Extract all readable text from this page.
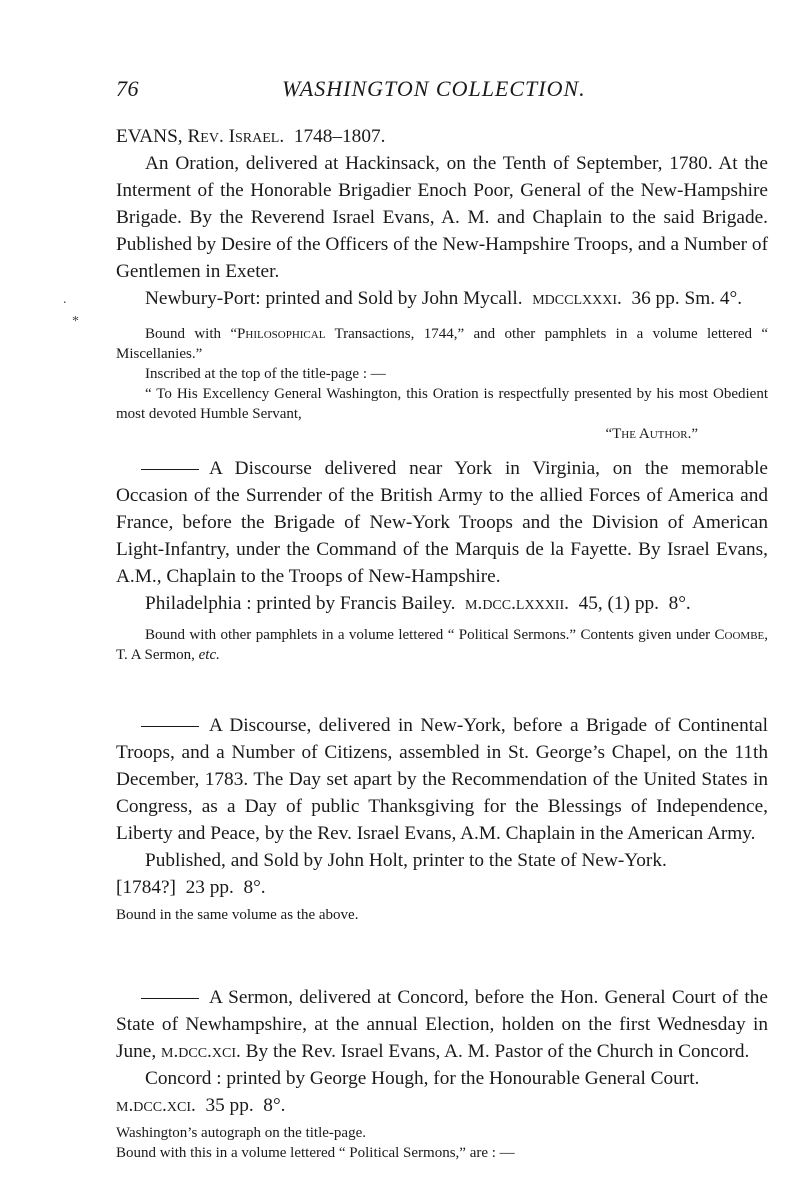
76	WASHINGTON COLLECTION.
.
*

EVANS, Rev. Israel. 1748–1807.

An Oration, delivered at Hackinsack, on the Tenth of September, 1780. At the Interment of the Honorable Brigadier Enoch Poor, General of the New-Hampshire Brigade. By the Reverend Israel Evans, A. M. and Chaplain to the said Brigade. Published by Desire of the Officers of the New-Hampshire Troops, and a Number of Gentlemen in Exeter.

Newbury-Port: printed and Sold by John Mycall. mdcclxxxi. 36 pp. Sm. 4°.

Bound with “Philosophical Transactions, 1744,” and other pamphlets in a volume lettered “ Miscellanies.”

Inscribed at the top of the title-page : —

“ To His Excellency General Washington, this Oration is respectfully presented by his most Obedient most devoted Humble Servant,

“The Author.”

A Discourse delivered near York in Virginia, on the memorable Occasion of the Surrender of the British Army to the allied Forces of America and France, before the Brigade of New-York Troops and the Division of American Light-Infantry, under the Command of the Marquis de la Fayette. By Israel Evans, A.M., Chaplain to the Troops of New-Hampshire.

Philadelphia : printed by Francis Bailey. m.dcc.lxxxii. 45, (1) pp. 8°.

Bound with other pamphlets in a volume lettered “ Political Sermons.” Contents given under Coombe, T. A Sermon, etc.

A Discourse, delivered in New-York, before a Brigade of Continental Troops, and a Number of Citizens, assembled in St. George’s Chapel, on the 11th December, 1783. The Day set apart by the Recommendation of the United States in Congress, as a Day of public Thanksgiving for the Blessings of Independence, Liberty and Peace, by the Rev. Israel Evans, A.M. Chaplain in the American Army.

Published, and Sold by John Holt, printer to the State of New-York.

[1784?] 23 pp. 8°.

Bound in the same volume as the above.

A Sermon, delivered at Concord, before the Hon. General Court of the State of Newhampshire, at the annual Election, holden on the first Wednesday in June, m.dcc.xci. By the Rev. Israel Evans, A. M. Pastor of the Church in Concord.

Concord : printed by George Hough, for the Honourable General Court.

m.dcc.xci. 35 pp. 8°.

Washington’s autograph on the title-page.

Bound with this in a volume lettered “ Political Sermons,” are : —
